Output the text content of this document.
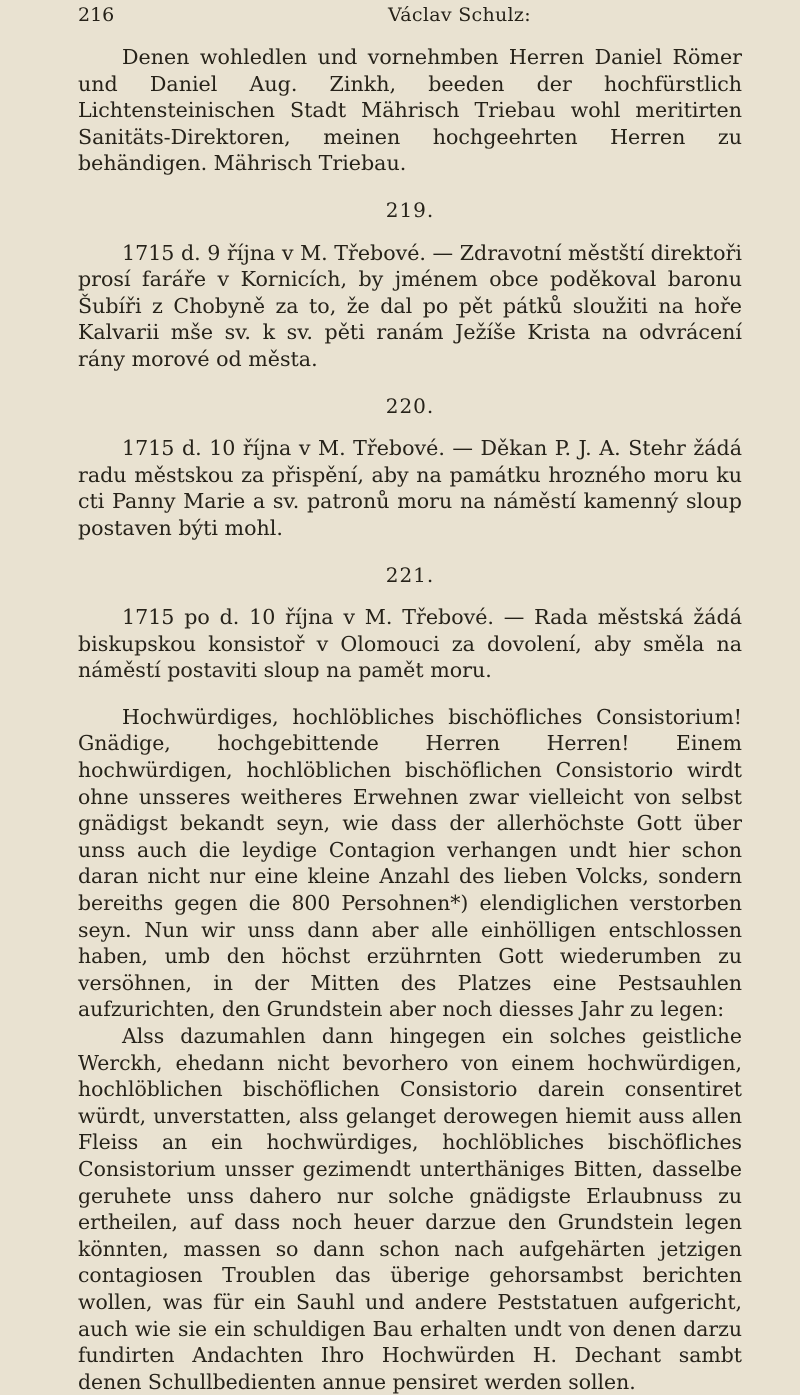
216	Václav Schulz:

Denen wohledlen und vornehmben Herren Daniel Römer und Daniel Aug. Zinkh, beeden der hochfürstlich Lichtensteinischen Stadt Mährisch Triebau wohl meritirten Sanitäts-Direktoren, meinen hochgeehrten Herren zu behändigen. Mährisch Triebau.

219.

1715 d. 9 října v M. Třebové. — Zdravotní městští direktoři prosí faráře v Kornicích, by jménem obce poděkoval baronu Šubíři z Chobyně za to, že dal po pět pátků sloužiti na hoře Kalvarii mše sv. k sv. pěti ranám Ježíše Krista na odvrácení rány morové od města.

220.

1715 d. 10 října v M. Třebové. — Děkan P. J. A. Stehr žádá radu městskou za přispění, aby na památku hrozného moru ku cti Panny Marie a sv. patronů moru na náměstí kamenný sloup postaven býti mohl.

221.

1715 po d. 10 října v M. Třebové. — Rada městská žádá biskupskou konsistoř v Olomouci za dovolení, aby směla na náměstí postaviti sloup na pamět moru.

Hochwürdiges, hochlöbliches bischöfliches Consistorium! Gnädige, hochgebittende Herren Herren! Einem hochwürdigen, hochlöblichen bischöflichen Consistorio wirdt ohne unsseres weitheres Erwehnen zwar vielleicht von selbst gnädigst bekandt seyn, wie dass der allerhöchste Gott über unss auch die leydige Contagion verhangen undt hier schon daran nicht nur eine kleine Anzahl des lieben Volcks, sondern bereiths gegen die 800 Persohnen*) elendiglichen verstorben seyn. Nun wir unss dann aber alle einhölligen entschlossen haben, umb den höchst erzührnten Gott wiederumben zu versöhnen, in der Mitten des Platzes eine Pestsauhlen aufzurichten, den Grundstein aber noch diesses Jahr zu legen:

Alss dazumahlen dann hingegen ein solches geistliche Werckh, ehedann nicht bevorhero von einem hochwürdigen, hochlöblichen bischöflichen Consistorio darein consentiret würdt, unverstatten, alss gelanget derowegen hiemit auss allen Fleiss an ein hochwürdiges, hochlöbliches bischöfliches Consistorium unsser gezimendt unterthäniges Bitten, dasselbe geruhete unss dahero nur solche gnädigste Erlaubnuss zu ertheilen, auf dass noch heuer darzue den Grundstein legen könnten, massen so dann schon nach aufgehärten jetzigen contagiosen Troublen das überige gehorsambst berichten wollen, was für ein Sauhl und andere Peststatuen aufgericht, auch wie sie ein schuldigen Bau erhalten undt von denen darzu fundirten Andachten Ihro Hochwürden H. Dechant sambt denen Schullbedienten annue pensiret werden sollen.
